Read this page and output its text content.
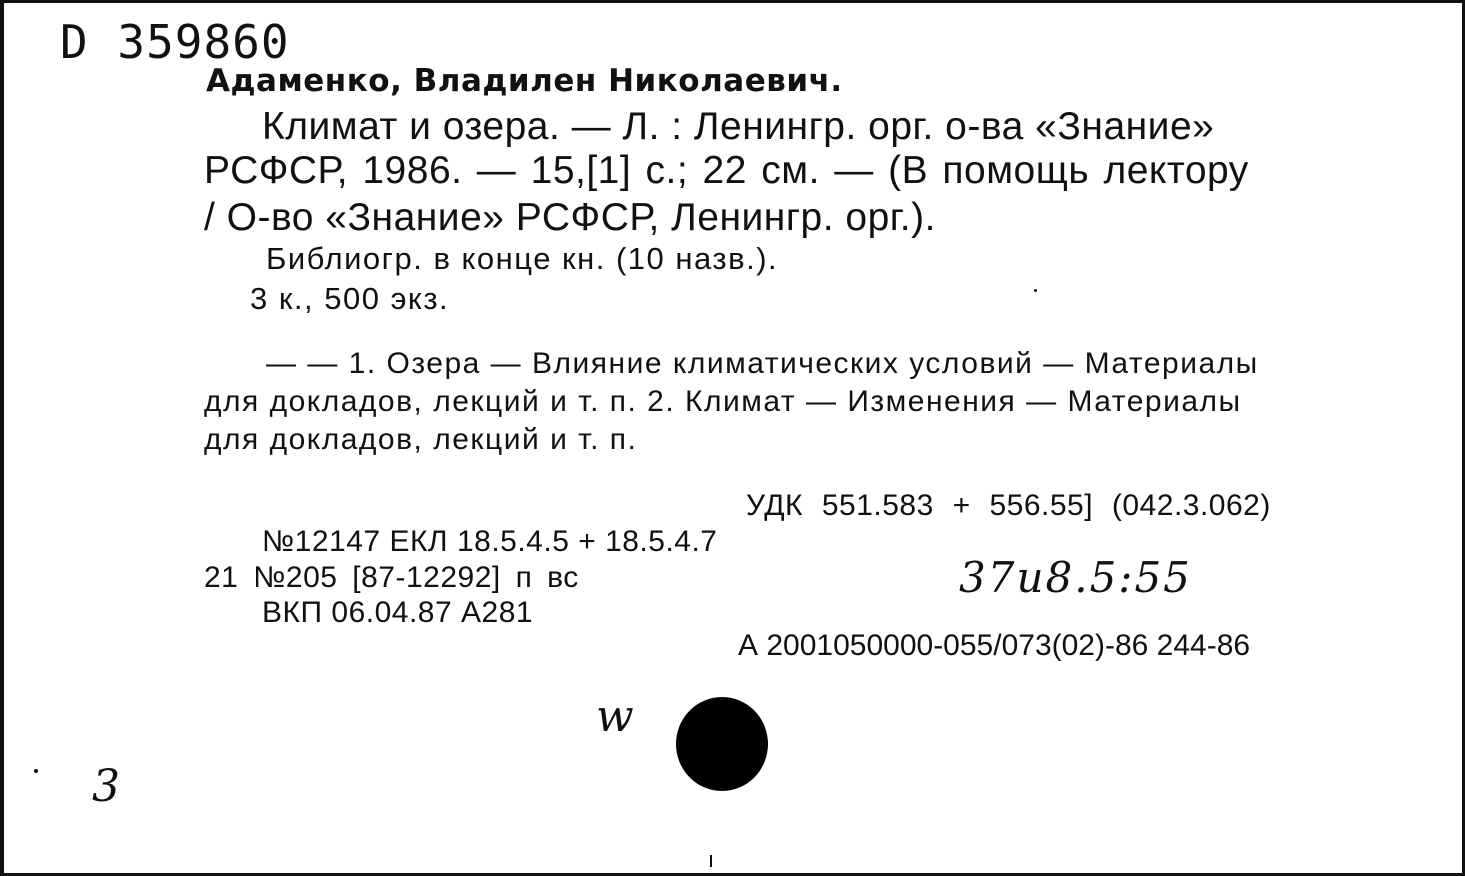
D 359860
Адаменко, Владилен Николаевич.
Климат и озера. — Л. : Ленингр. орг. о-ва «Знание»
РСФСР, 1986. — 15,[1] с.; 22 см. — (В помощь лектору
/ О-во «Знание» РСФСР, Ленингр. орг.).
Библиогр. в конце кн. (10 назв.).
3 к., 500 экз.
— — 1. Озера — Влияние климатических условий — Материалы
для докладов, лекций и т. п. 2. Климат — Изменения — Материалы
для докладов, лекций и т. п.
УДК 551.583 + 556.55] (042.3.062)
№12147 ЕКЛ 18.5.4.5 + 18.5.4.7
21 №205 [87-12292] п вс
ВКП 06.04.87 А281
А 2001050000-055/073(02)-86 244-86
37и8.5:55
w
3
